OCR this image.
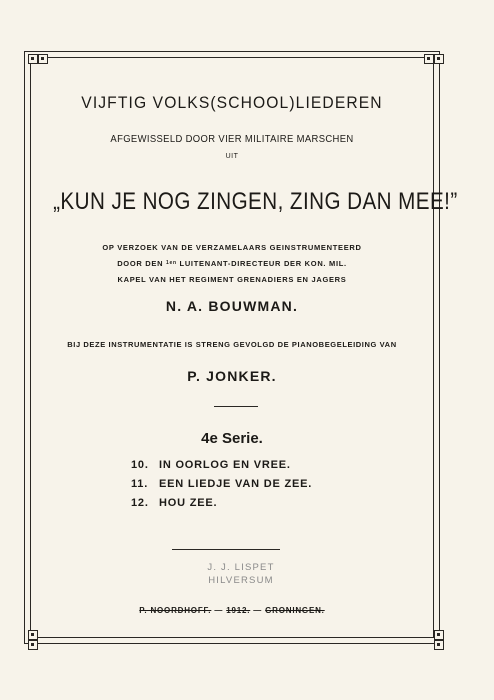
VIJFTIG VOLKS(SCHOOL)LIEDEREN
AFGEWISSELD DOOR VIER MILITAIRE MARSCHEN
UIT
„KUN JE NOG ZINGEN, ZING DAN MEE!”
OP VERZOEK VAN DE VERZAMELAARS GEINSTRUMENTEERD
DOOR DEN $^{1en}$ LUITENANT-DIRECTEUR DER KON. MIL.
KAPEL VAN HET REGIMENT GRENADIERS EN JAGERS
N. A. BOUWMAN.
BIJ DEZE INSTRUMENTATIE IS STRENG GEVOLGD DE PIANOBEGELEIDING VAN
P. JONKER.
4e Serie.
10. IN OORLOG EN VREE.
11. EEN LIEDJE VAN DE ZEE.
12. HOU ZEE.
J. J. LISPET
HILVERSUM
P. NOORDHOFF. — 1912. — GRONINGEN.
